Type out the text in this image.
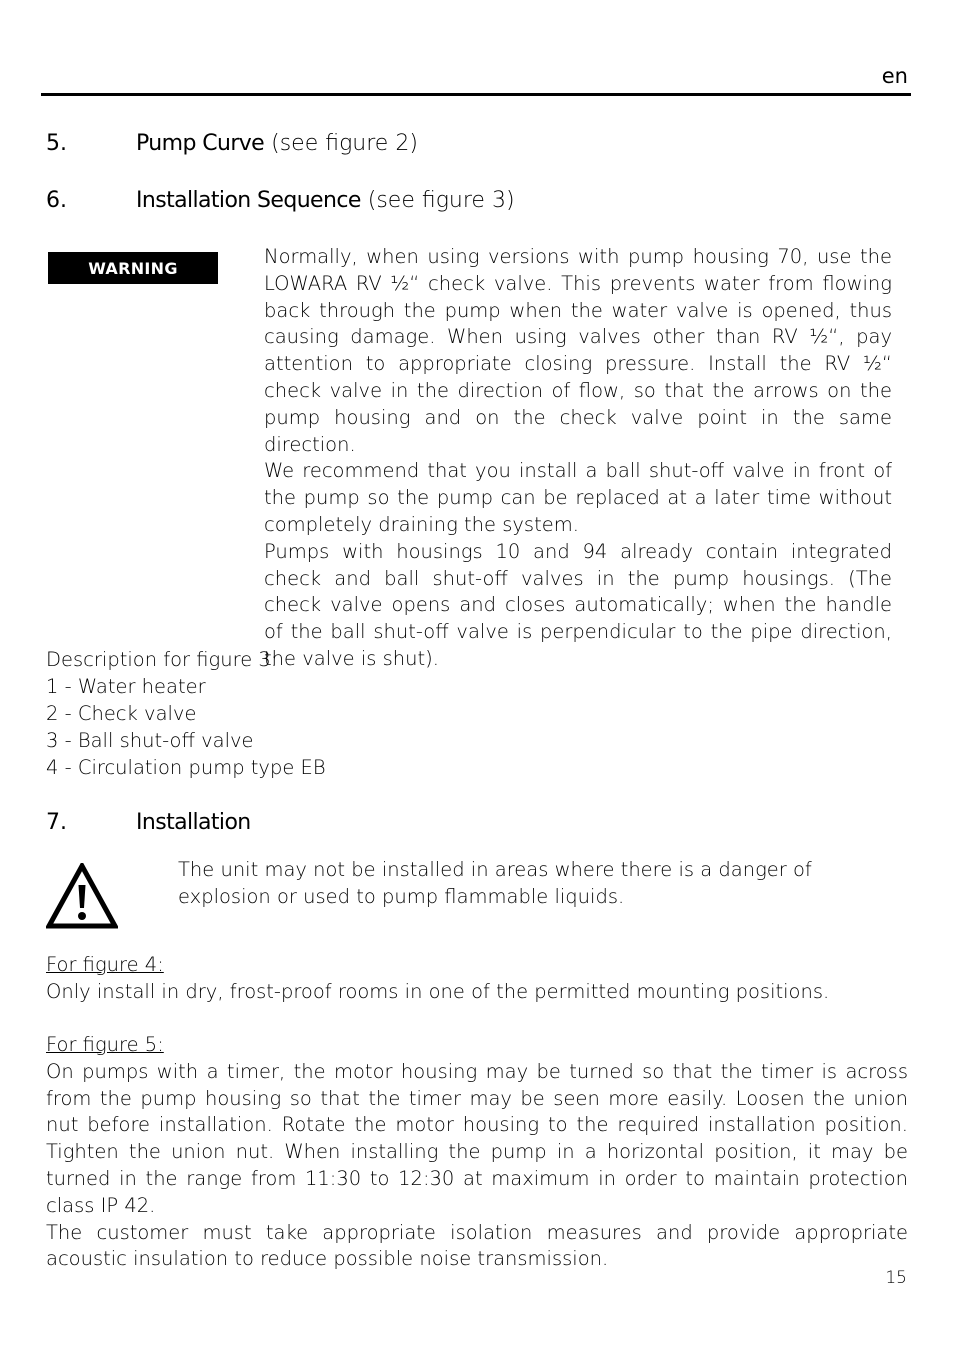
en
5.	Pump Curve (see figure 2)
6.	Installation Sequence (see figure 3)
WARNING	Normally, when using versions with pump housing 70, use the LOWARA RV ½“ check valve. This prevents water from flowing back through the pump when the water valve is opened, thus causing damage. When using valves other than RV ½“, pay attention to appropriate closing pressure. Install the RV ½“ check valve in the direction of flow, so that the arrows on the pump housing and on the check valve point in the same direction.

We recommend that you install a ball shut-off valve in front of the pump so the pump can be replaced at a later time without completely draining the system.

Pumps with housings 10 and 94 already contain integrated check and ball shut-off valves in the pump housings. (The check valve opens and closes automatically; when the handle of the ball shut-off valve is perpendicular to the pipe direction, the valve is shut).

Description for figure 3:
1 - Water heater
2 - Check valve
3 - Ball shut-off valve
4 - Circulation pump type EB
7.	Installation
The unit may not be installed in areas where there is a danger of explosion or used to pump flammable liquids.

For figure 4:

Only install in dry, frost-proof rooms in one of the permitted mounting positions.

For figure 5:

On pumps with a timer, the motor housing may be turned so that the timer is across from the pump housing so that the timer may be seen more easily. Loosen the union nut before installation. Rotate the motor housing to the required installation position. Tighten the union nut. When installing the pump in a horizontal position, it may be turned in the range from 11:30 to 12:30 at maximum in order to maintain protection class IP 42.

The customer must take appropriate isolation measures and provide appropriate acoustic insulation to reduce possible noise transmission.

15
